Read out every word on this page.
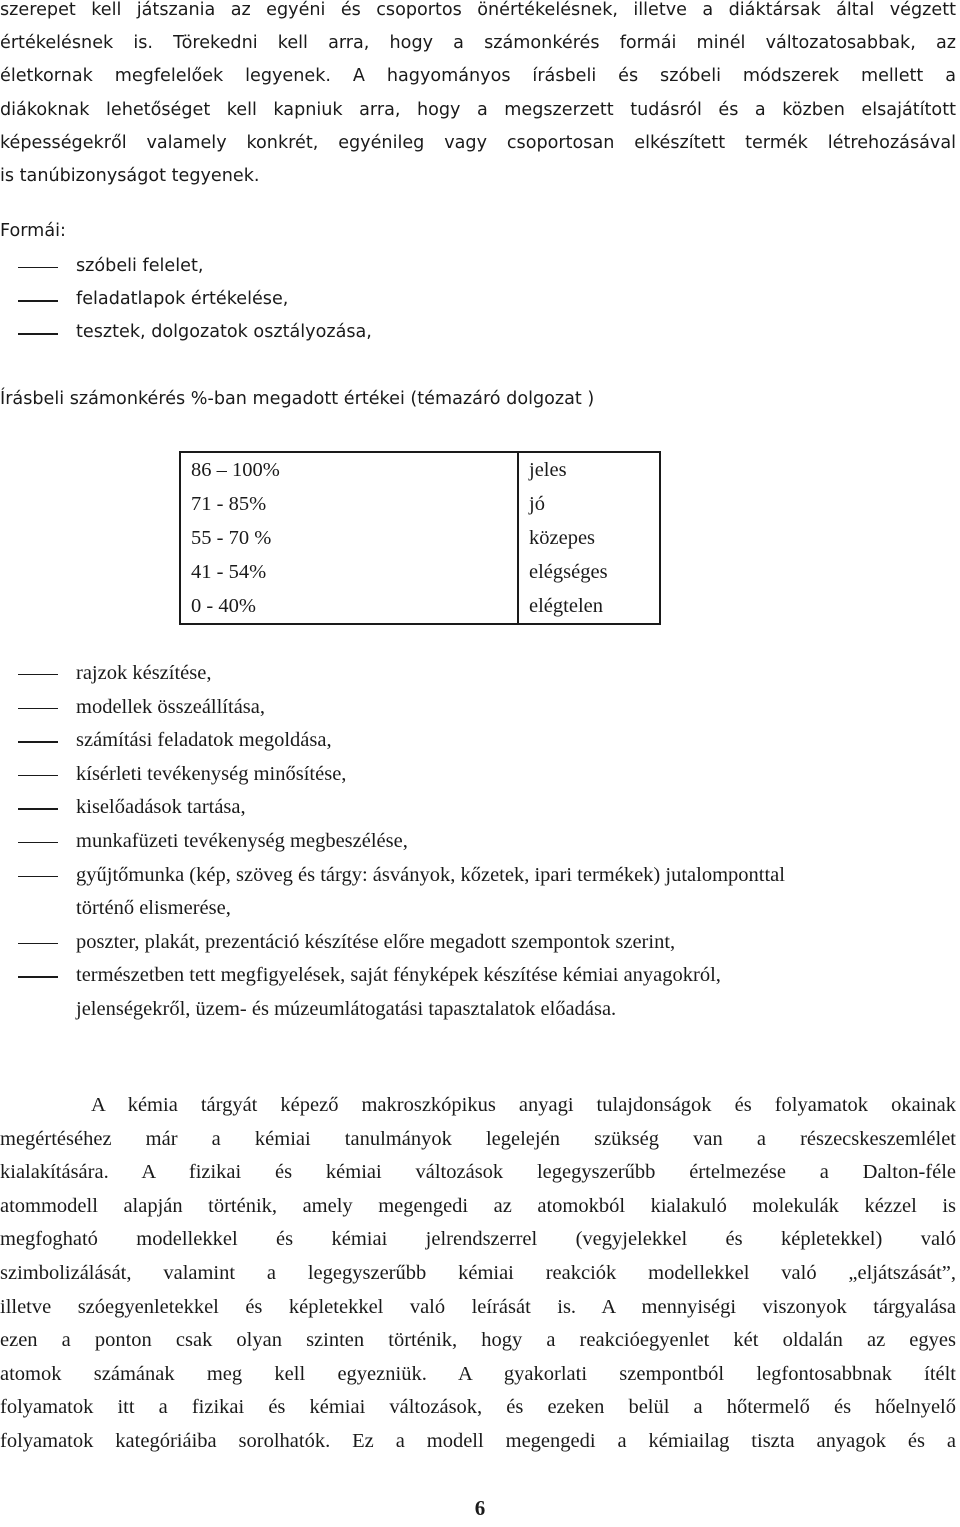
szerepet kell játszania az egyéni és csoportos önértékelésnek, illetve a diáktársak által végzett
értékelésnek is. Törekedni kell arra, hogy a számonkérés formái minél változatosabbak, az
életkornak megfelelőek legyenek. A hagyományos írásbeli és szóbeli módszerek mellett a
diákoknak lehetőséget kell kapniuk arra, hogy a megszerzett tudásról és a közben elsajátított
képességekről valamely konkrét, egyénileg vagy csoportosan elkészített termék létrehozásával
is tanúbizonyságot tegyenek.
Formái:
szóbeli felelet,
feladatlapok értékelése,
tesztek, dolgozatok osztályozása,
Írásbeli számonkérés %-ban megadott értékei (témazáró dolgozat )
86 – 100%	jeles
71 - 85%	jó
55 - 70 %	közepes
41 - 54%	elégséges
0 - 40%	elégtelen
rajzok készítése,
modellek összeállítása,
számítási feladatok megoldása,
kísérleti tevékenység minősítése,
kiselőadások tartása,
munkafüzeti tevékenység megbeszélése,
gyűjtőmunka (kép, szöveg és tárgy: ásványok, kőzetek, ipari termékek) jutalomponttal
történő elismerése,
poszter, plakát, prezentáció készítése előre megadott szempontok szerint,
természetben tett megfigyelések, saját fényképek készítése kémiai anyagokról,
jelenségekről, üzem- és múzeumlátogatási tapasztalatok előadása.
A kémia tárgyát képező makroszkópikus anyagi tulajdonságok és folyamatok okainak
megértéséhez már a kémiai tanulmányok legelején szükség van a részecskeszemlélet
kialakítására. A fizikai és kémiai változások legegyszerűbb értelmezése a Dalton-féle
atommodell alapján történik, amely megengedi az atomokból kialakuló molekulák kézzel is
megfogható modellekkel és kémiai jelrendszerrel (vegyjelekkel és képletekkel) való
szimbolizálását, valamint a legegyszerűbb kémiai reakciók modellekkel való „eljátszását”,
illetve szóegyenletekkel és képletekkel való leírását is. A mennyiségi viszonyok tárgyalása
ezen a ponton csak olyan szinten történik, hogy a reakcióegyenlet két oldalán az egyes
atomok számának meg kell egyezniük. A gyakorlati szempontból legfontosabbnak ítélt
folyamatok itt a fizikai és kémiai változások, és ezeken belül a hőtermelő és hőelnyelő
folyamatok kategóriáiba sorolhatók. Ez a modell megengedi a kémiailag tiszta anyagok és a
6
